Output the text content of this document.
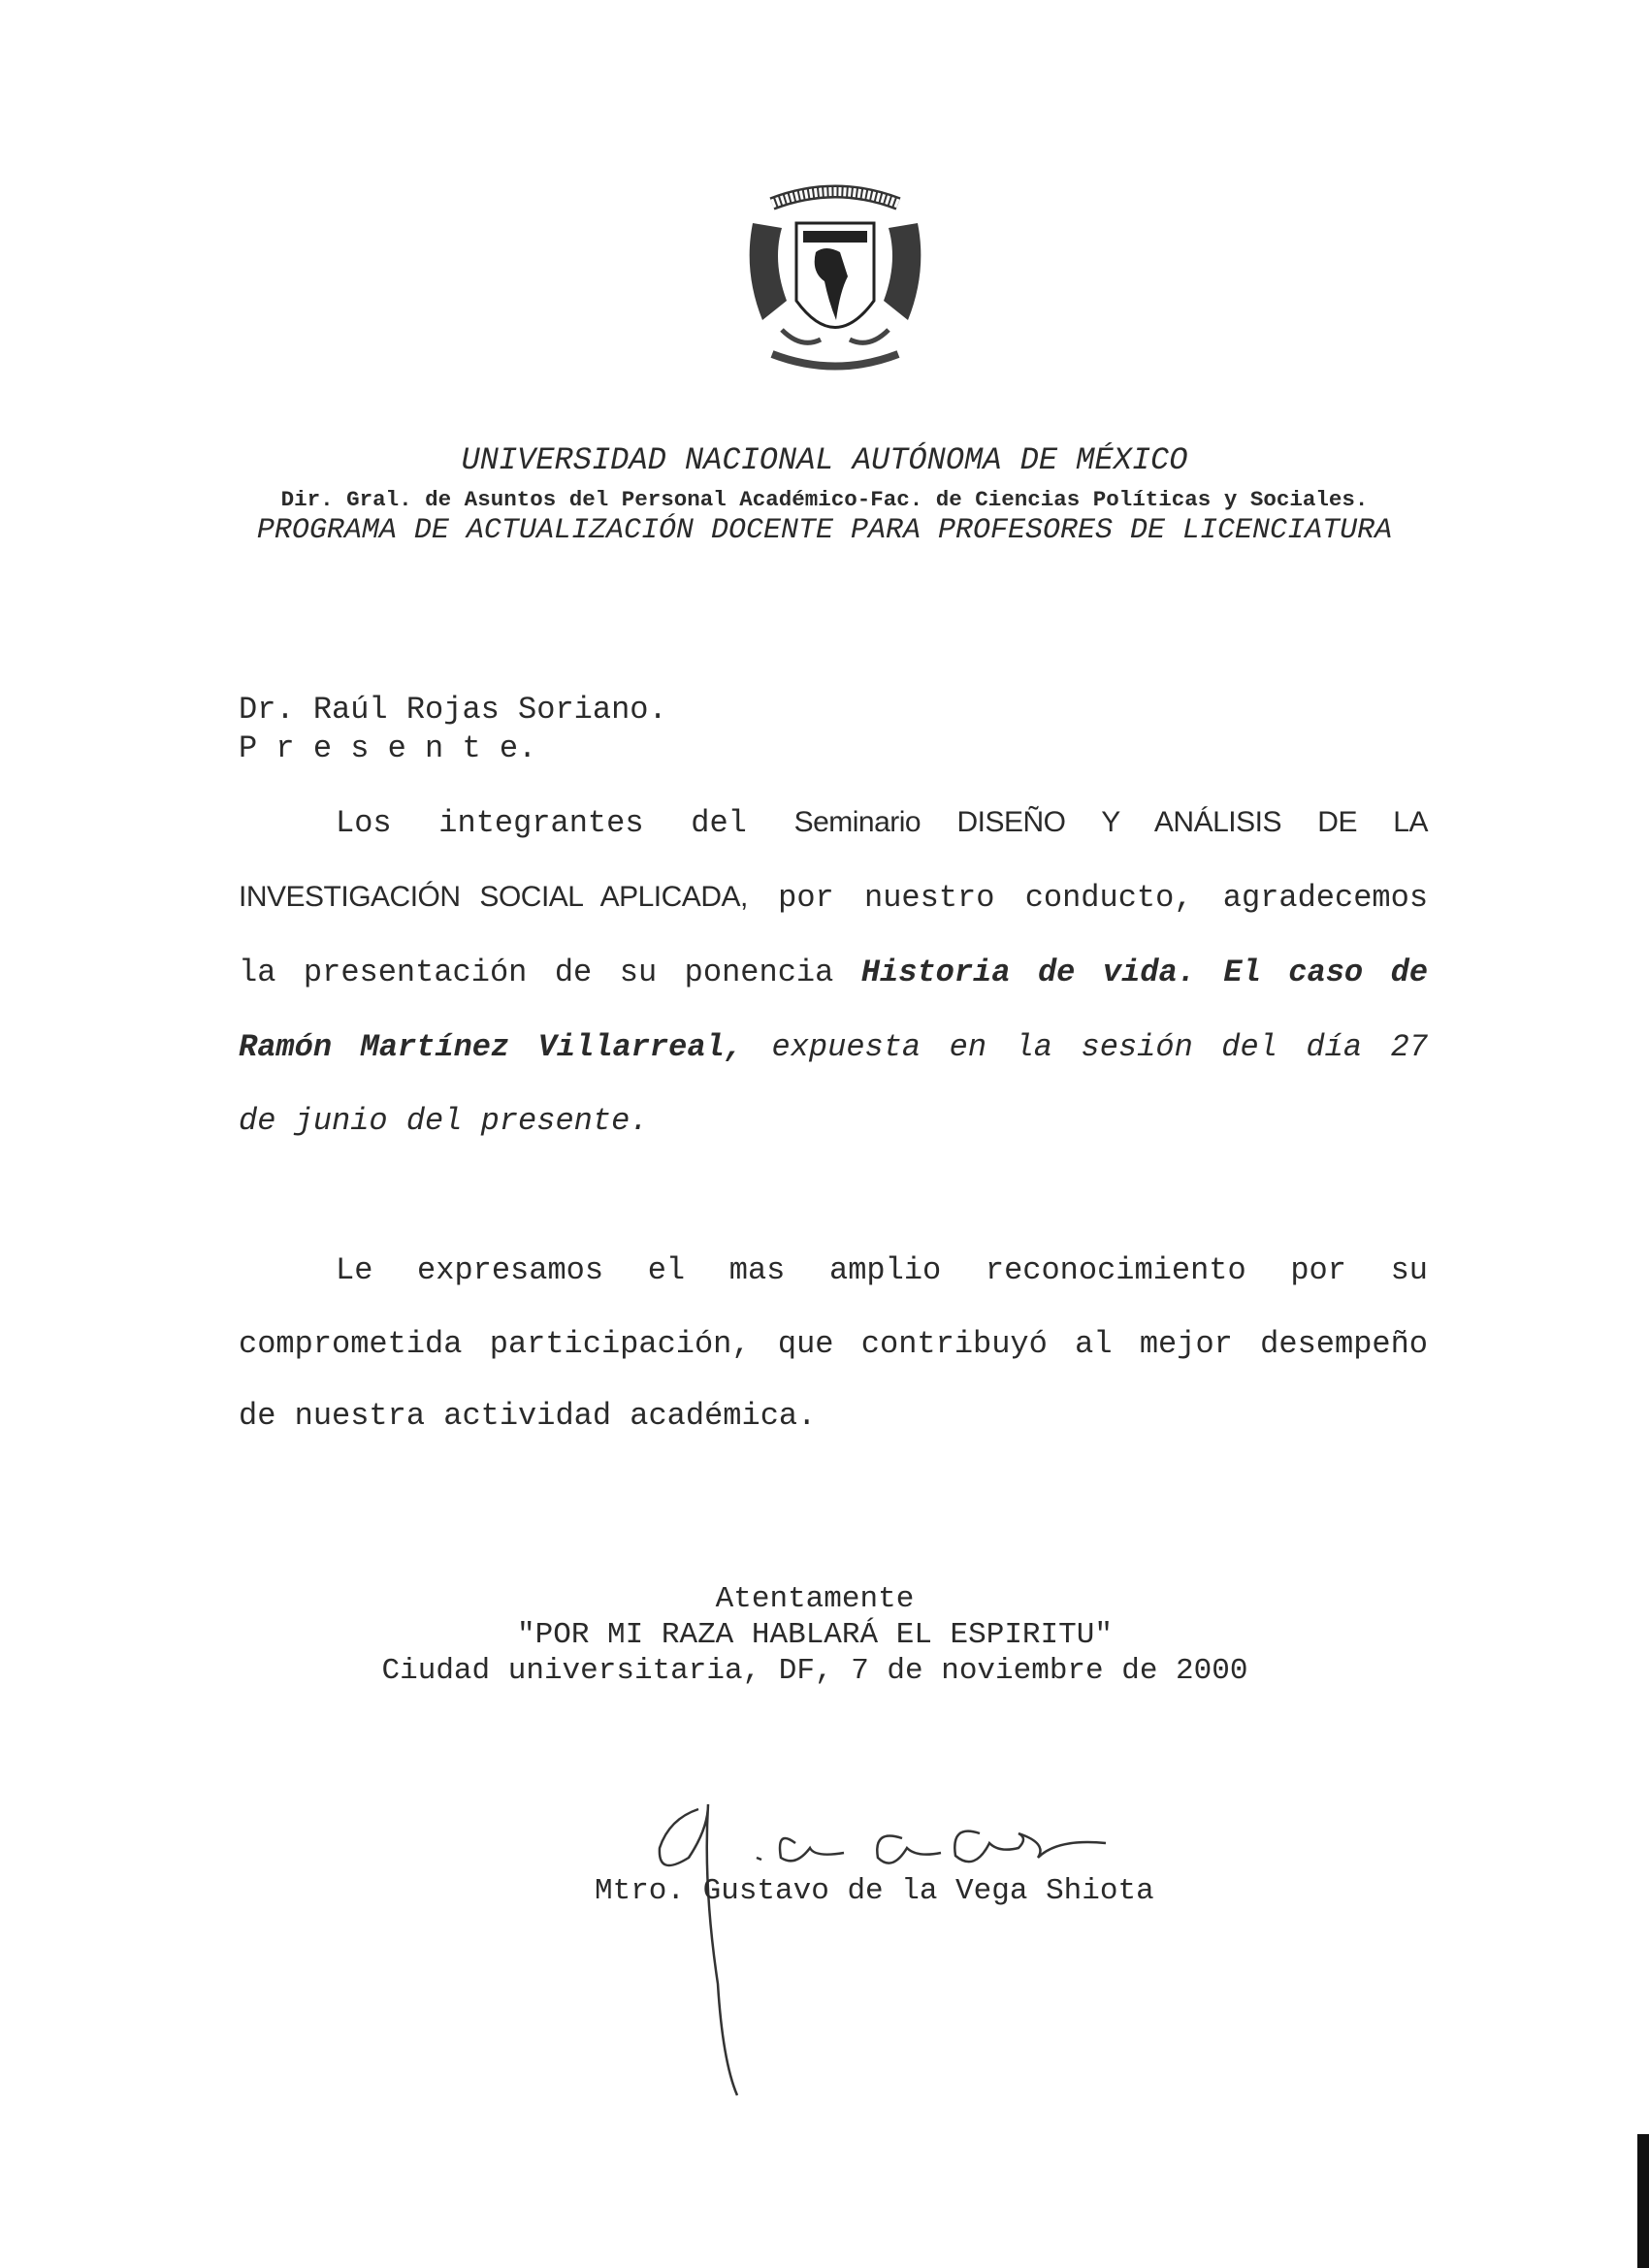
UNIVERSIDAD NACIONAL AUTÓNOMA DE MÉXICO
Dir. Gral. de Asuntos del Personal Académico-Fac. de Ciencias Políticas y Sociales.
PROGRAMA DE ACTUALIZACIÓN DOCENTE PARA PROFESORES DE LICENCIATURA
Dr. Raúl Rojas Soriano.
P r e s e n t e.
Los integrantes del Seminario DISEÑO Y ANÁLISIS DE LA
INVESTIGACIÓN SOCIAL APLICADA, por nuestro conducto, agradecemos
la presentación de su ponencia Historia de vida. El caso de
Ramón Martínez Villarreal, expuesta en la sesión del día 27
de junio del presente.
Le expresamos el mas amplio reconocimiento por su
comprometida participación, que contribuyó al mejor desempeño
de nuestra actividad académica.
Atentamente
"POR MI RAZA HABLARÁ EL ESPIRITU"
Ciudad universitaria, DF, 7 de noviembre de 2000
Mtro. Gustavo de la Vega Shiota
